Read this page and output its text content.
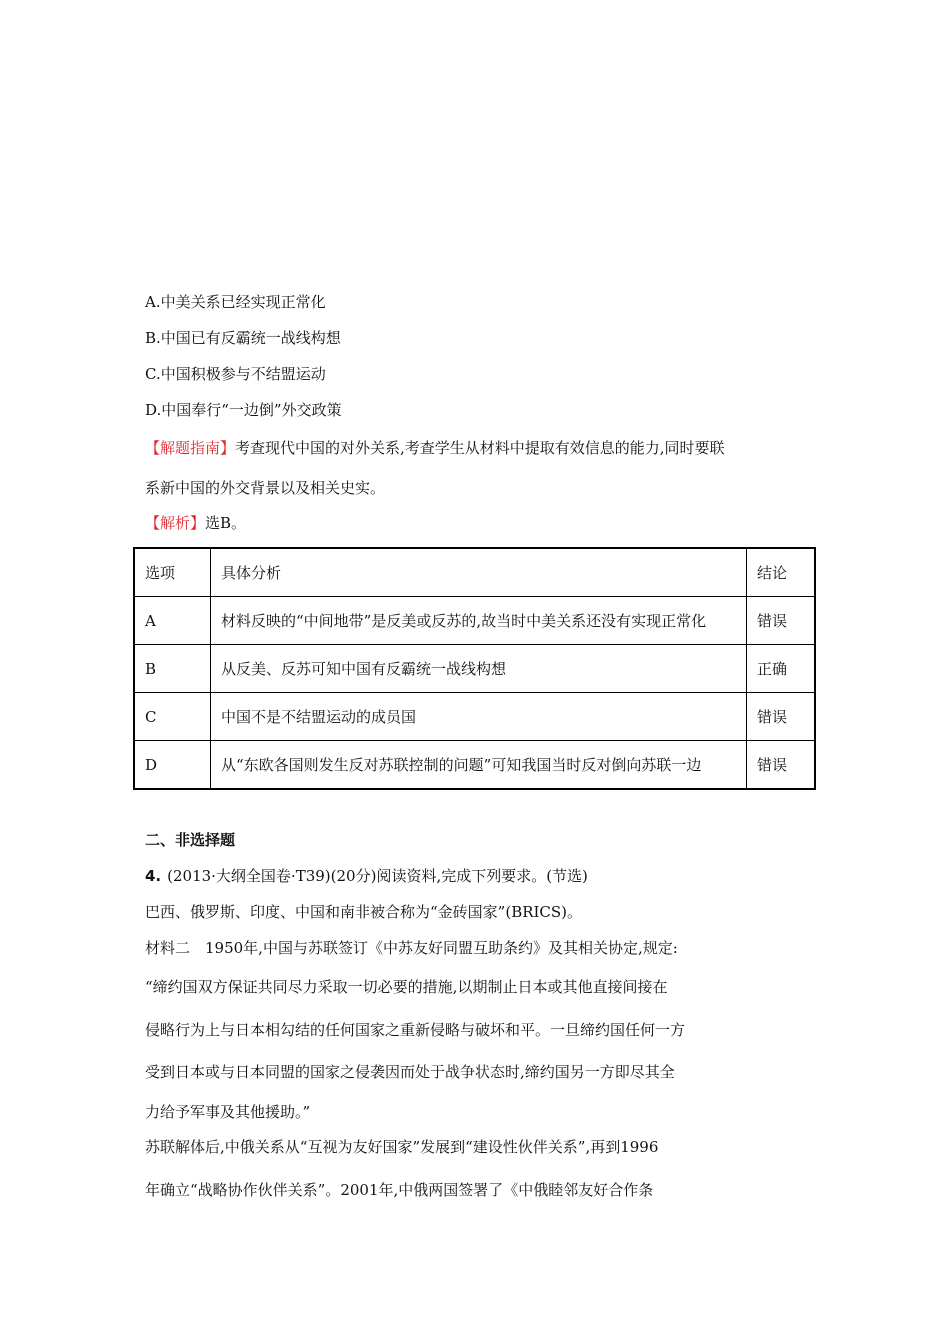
A.中美关系已经实现正常化
B.中国已有反霸统一战线构想
C.中国积极参与不结盟运动
D.中国奉行“一边倒”外交政策
【解题指南】考查现代中国的对外关系,考查学生从材料中提取有效信息的能力,同时要联
系新中国的外交背景以及相关史实。
【解析】选B。
选项	具体分析	结论
A	材料反映的“中间地带”是反美或反苏的,故当时中美关系还没有实现正常化	错误
B	从反美、反苏可知中国有反霸统一战线构想	正确
C	中国不是不结盟运动的成员国	错误
D	从“东欧各国则发生反对苏联控制的问题”可知我国当时反对倒向苏联一边	错误
二、非选择题
4. (2013·大纲全国卷·T39)(20分)阅读资料,完成下列要求。(节选)
巴西、俄罗斯、印度、中国和南非被合称为“金砖国家”(BRICS)。
材料二　1950年,中国与苏联签订《中苏友好同盟互助条约》及其相关协定,规定:
“缔约国双方保证共同尽力采取一切必要的措施,以期制止日本或其他直接间接在
侵略行为上与日本相勾结的任何国家之重新侵略与破坏和平。一旦缔约国任何一方
受到日本或与日本同盟的国家之侵袭因而处于战争状态时,缔约国另一方即尽其全
力给予军事及其他援助。”
苏联解体后,中俄关系从“互视为友好国家”发展到“建设性伙伴关系”,再到1996
年确立“战略协作伙伴关系”。2001年,中俄两国签署了《中俄睦邻友好合作条
